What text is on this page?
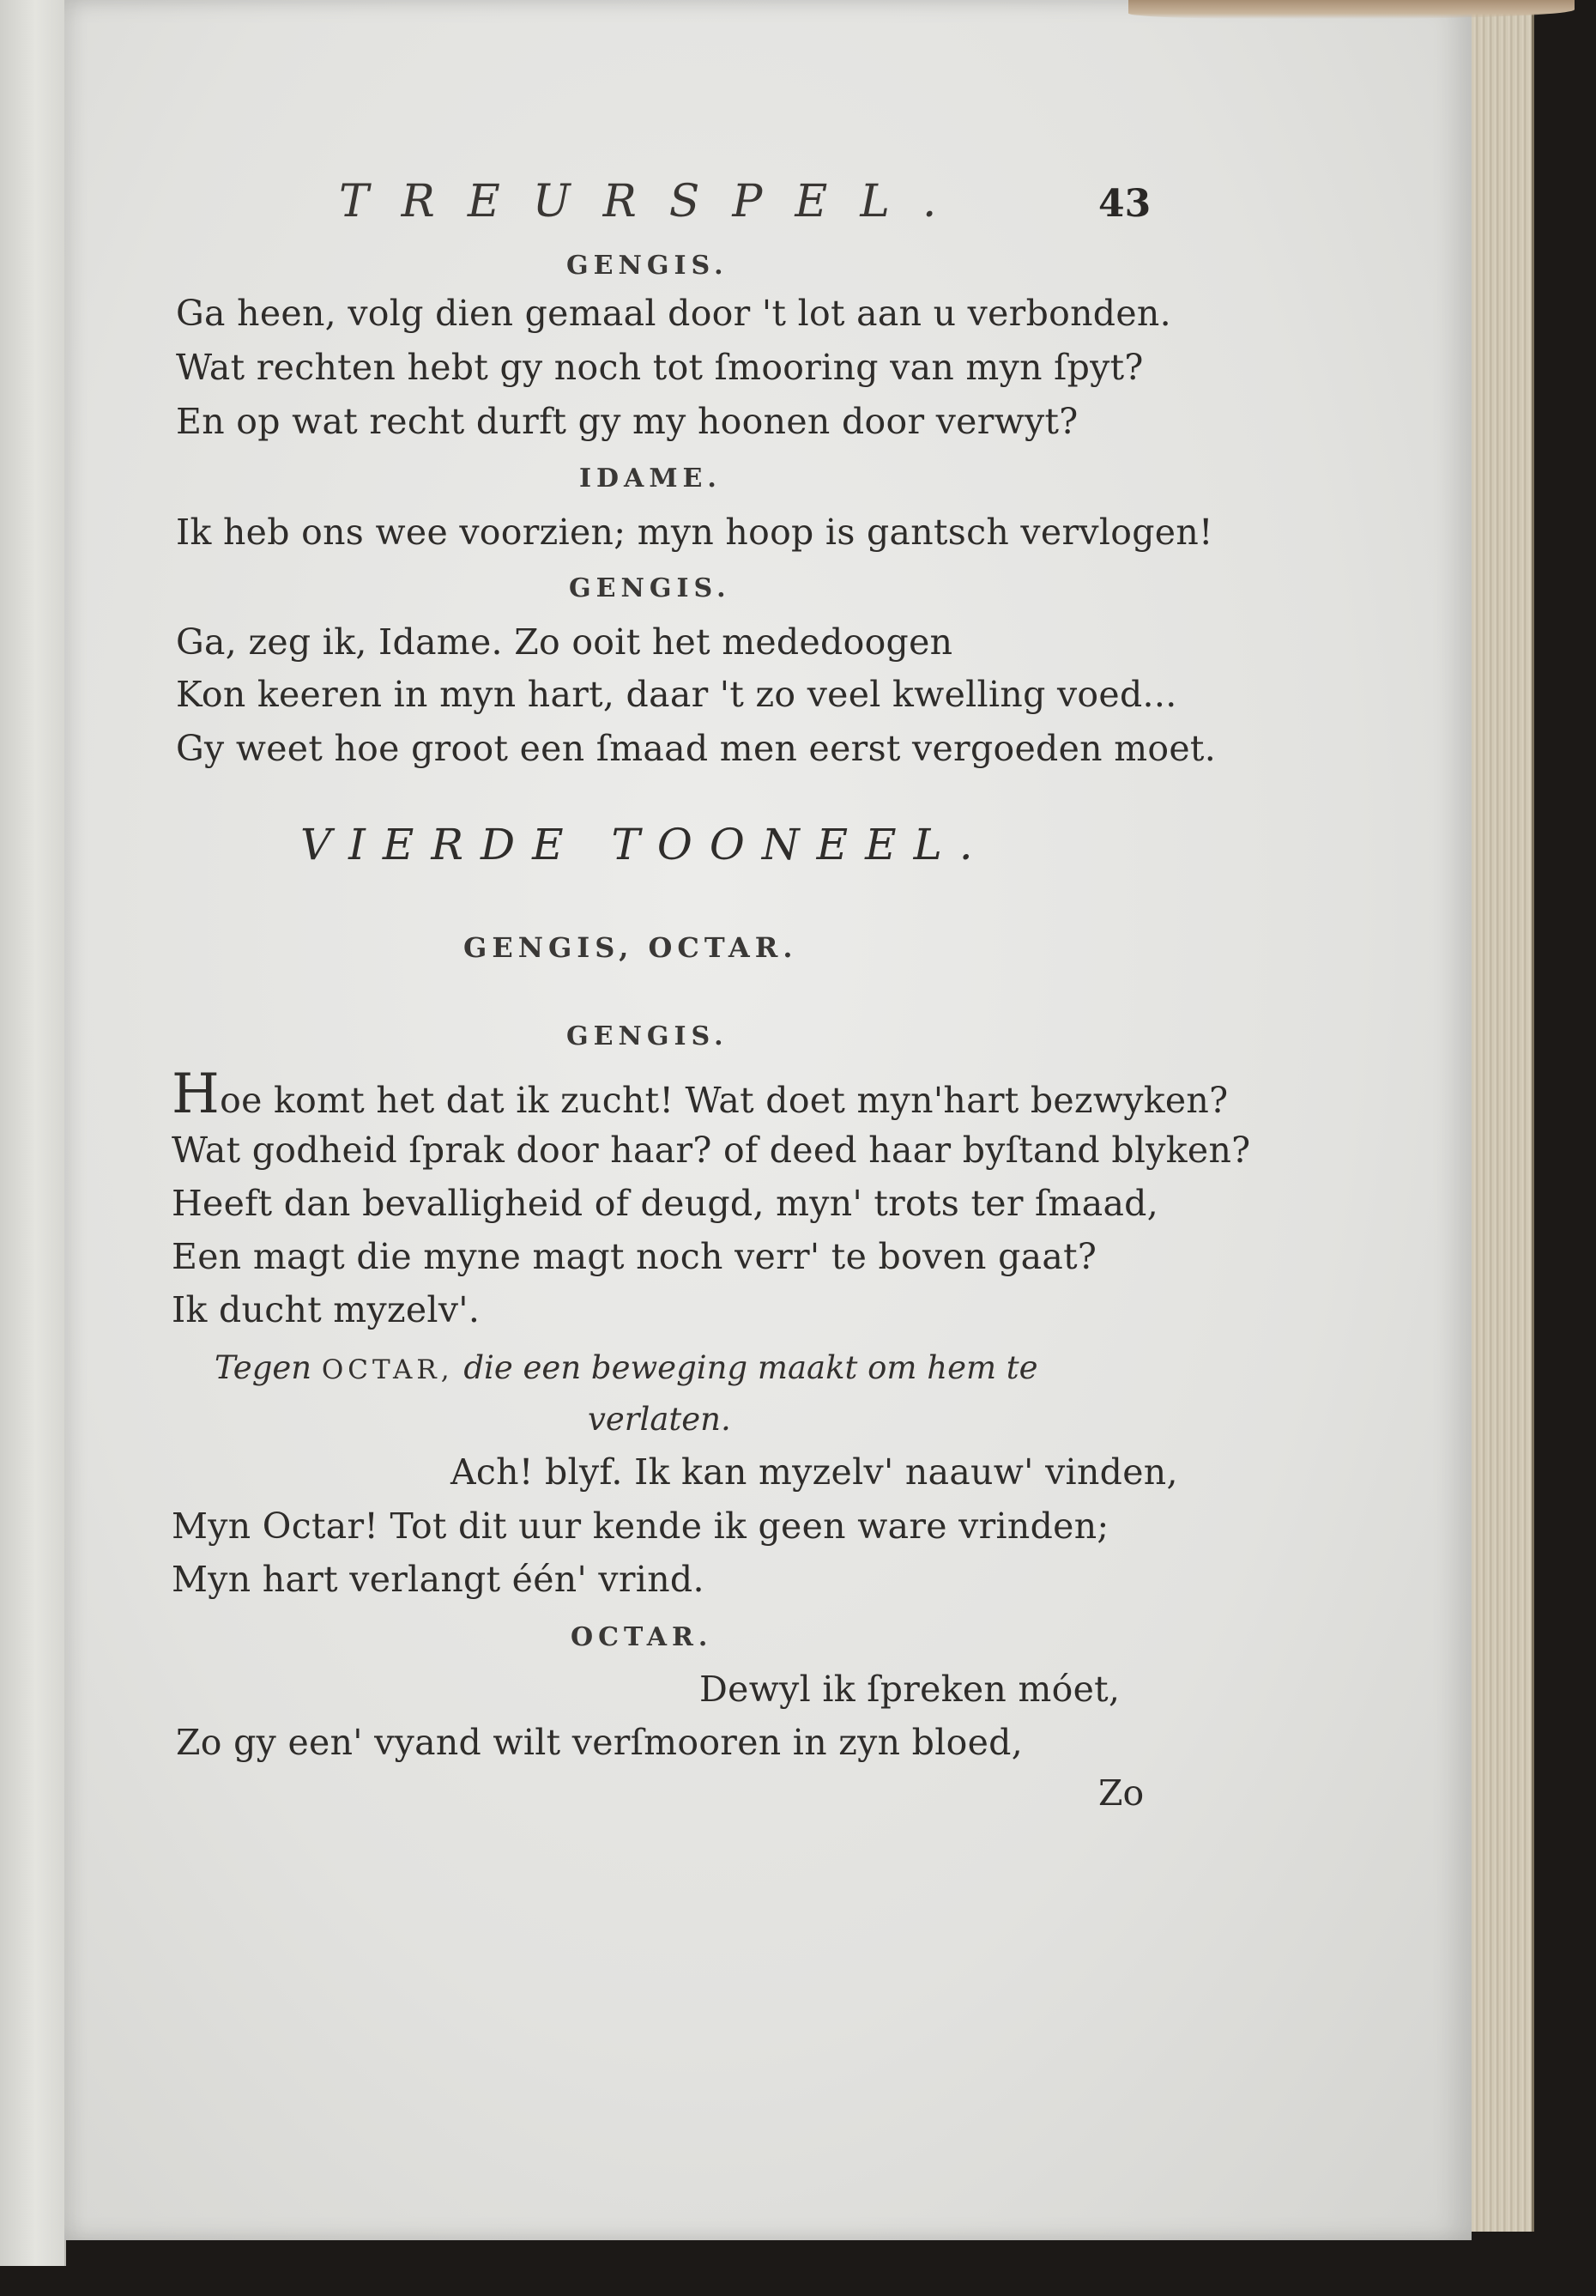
TREURSPEL.	43
GENGIS.
Ga heen, volg dien gemaal door 't lot aan u verbonden.
Wat rechten hebt gy noch tot ſmooring van myn ſpyt?
En op wat recht durft gy my hoonen door verwyt?
IDAME.
Ik heb ons wee voorzien; myn hoop is gantsch vervlogen!
GENGIS.
Ga, zeg ik, Idame. Zo ooit het mededoogen
Kon keeren in myn hart, daar 't zo veel kwelling voed...
Gy weet hoe groot een ſmaad men eerst vergoeden moet.
VIERDE TOONEEL.
GENGIS, OCTAR.
GENGIS.
Hoe komt het dat ik zucht! Wat doet myn'hart bezwyken?
Wat godheid ſprak door haar? of deed haar byſtand blyken?
Heeft dan bevalligheid of deugd, myn' trots ter ſmaad,
Een magt die myne magt noch verr' te boven gaat?
Ik ducht myzelv'.
Tegen OCTAR, die een beweging maakt om hem te
verlaten.
Ach! blyf. Ik kan myzelv' naauw' vinden,
Myn Octar! Tot dit uur kende ik geen ware vrinden;
Myn hart verlangt één' vrind.
OCTAR.
Dewyl ik ſpreken móet,
Zo gy een' vyand wilt verſmooren in zyn bloed,
Zo
